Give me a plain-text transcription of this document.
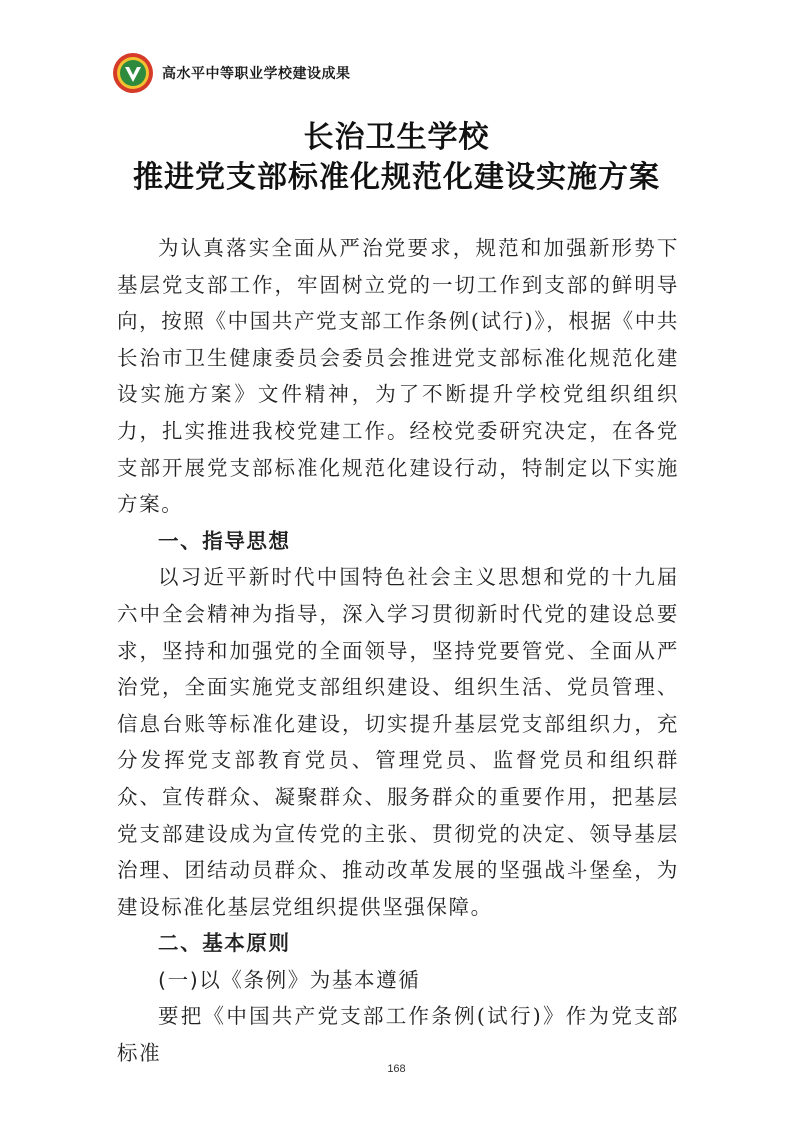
高水平中等职业学校建设成果
长治卫生学校
推进党支部标准化规范化建设实施方案

为认真落实全面从严治党要求，规范和加强新形势下基层党支部工作，牢固树立党的一切工作到支部的鲜明导向，按照《中国共产党支部工作条例(试行)》，根据《中共长治市卫生健康委员会委员会推进党支部标准化规范化建设实施方案》文件精神，为了不断提升学校党组织组织力，扎实推进我校党建工作。经校党委研究决定，在各党支部开展党支部标准化规范化建设行动，特制定以下实施方案。

一、指导思想

以习近平新时代中国特色社会主义思想和党的十九届六中全会精神为指导，深入学习贯彻新时代党的建设总要求，坚持和加强党的全面领导，坚持党要管党、全面从严治党，全面实施党支部组织建设、组织生活、党员管理、信息台账等标准化建设，切实提升基层党支部组织力，充分发挥党支部教育党员、管理党员、监督党员和组织群众、宣传群众、凝聚群众、服务群众的重要作用，把基层党支部建设成为宣传党的主张、贯彻党的决定、领导基层治理、团结动员群众、推动改革发展的坚强战斗堡垒，为建设标准化基层党组织提供坚强保障。

二、基本原则
(一)以《条例》为基本遵循

要把《中国共产党支部工作条例(试行)》作为党支部标准

168
